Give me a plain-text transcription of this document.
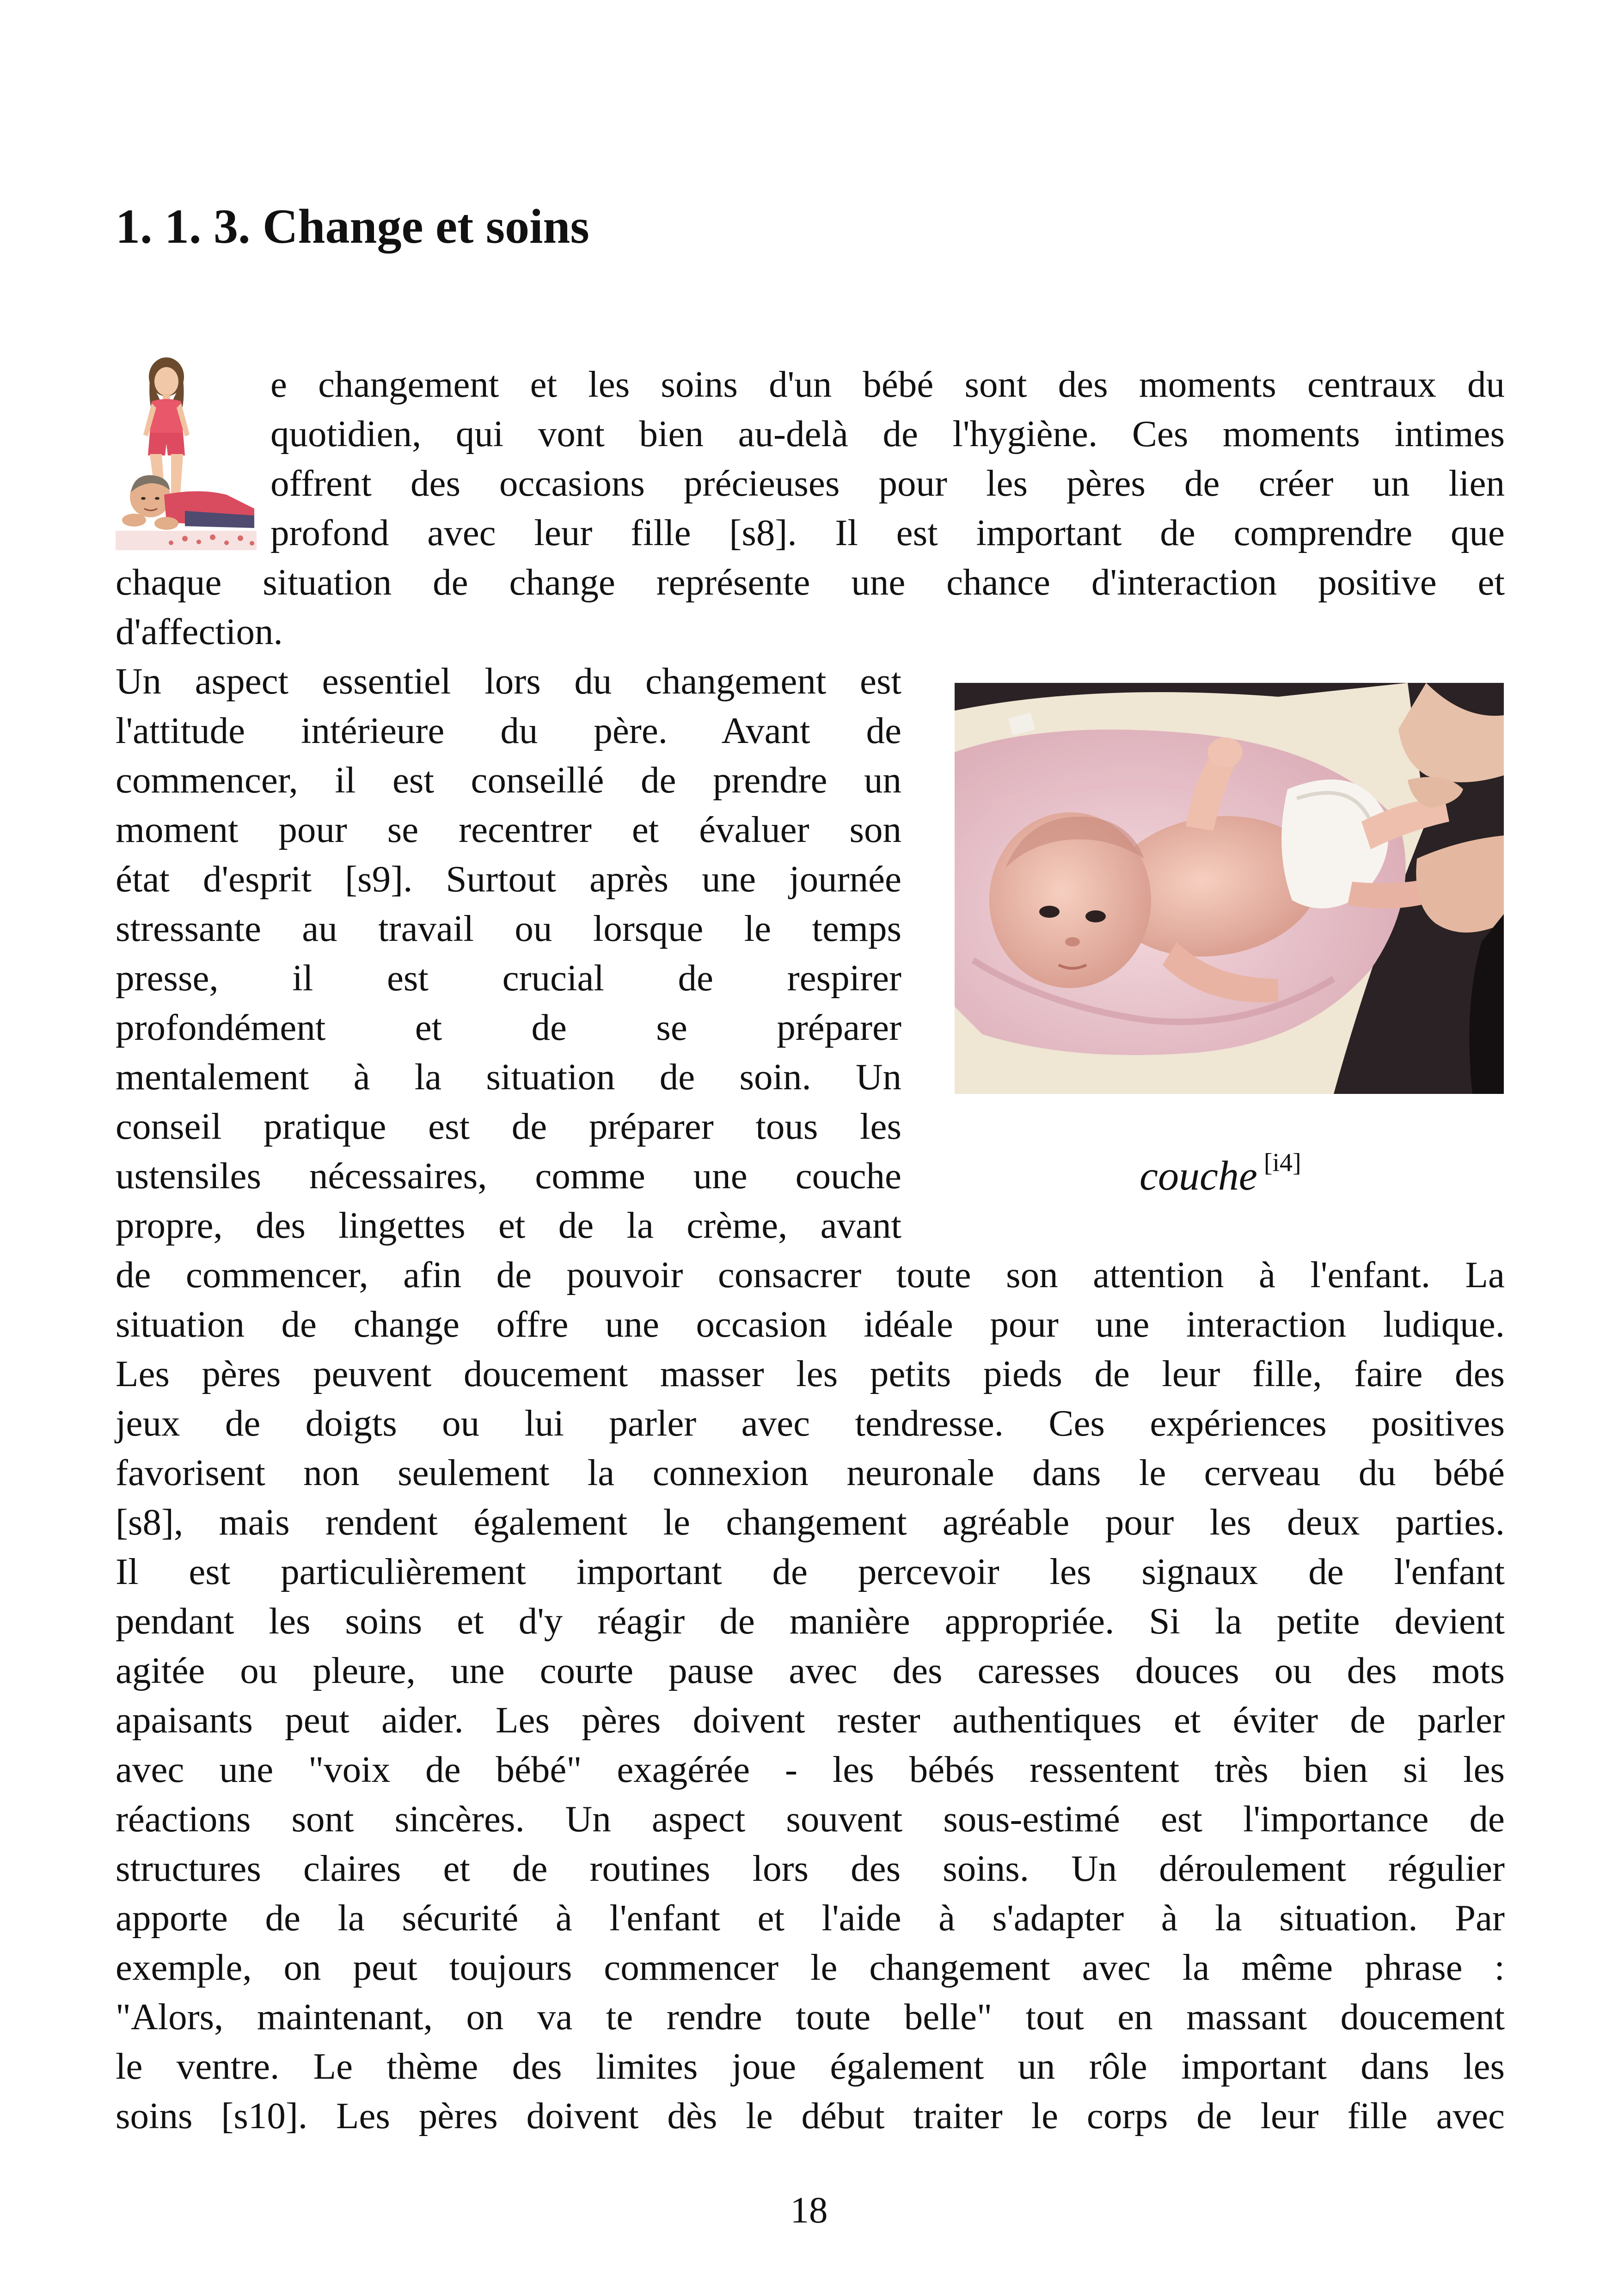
1. 1. 3. Change et soins
e changement et les soins d'un bébé sont des moments centraux du
quotidien, qui vont bien au-delà de l'hygiène. Ces moments intimes
offrent des occasions précieuses pour les pères de créer un lien
profond avec leur fille [s8]. Il est important de comprendre que
chaque situation de change représente une chance d'interaction positive et
d'affection.
Un aspect essentiel lors du changement est
l'attitude intérieure du père. Avant de
commencer, il est conseillé de prendre un
moment pour se recentrer et évaluer son
état d'esprit [s9]. Surtout après une journée
stressante au travail ou lorsque le temps
presse, il est crucial de respirer
profondément et de se préparer
mentalement à la situation de soin. Un
conseil pratique est de préparer tous les
ustensiles nécessaires, comme une couche
propre, des lingettes et de la crème, avant
couche [i4]
de commencer, afin de pouvoir consacrer toute son attention à l'enfant. La
situation de change offre une occasion idéale pour une interaction ludique.
Les pères peuvent doucement masser les petits pieds de leur fille, faire des
jeux de doigts ou lui parler avec tendresse. Ces expériences positives
favorisent non seulement la connexion neuronale dans le cerveau du bébé
[s8], mais rendent également le changement agréable pour les deux parties.
Il est particulièrement important de percevoir les signaux de l'enfant
pendant les soins et d'y réagir de manière appropriée. Si la petite devient
agitée ou pleure, une courte pause avec des caresses douces ou des mots
apaisants peut aider. Les pères doivent rester authentiques et éviter de parler
avec une "voix de bébé" exagérée - les bébés ressentent très bien si les
réactions sont sincères. Un aspect souvent sous-estimé est l'importance de
structures claires et de routines lors des soins. Un déroulement régulier
apporte de la sécurité à l'enfant et l'aide à s'adapter à la situation. Par
exemple, on peut toujours commencer le changement avec la même phrase :
"Alors, maintenant, on va te rendre toute belle" tout en massant doucement
le ventre. Le thème des limites joue également un rôle important dans les
soins [s10]. Les pères doivent dès le début traiter le corps de leur fille avec
18
